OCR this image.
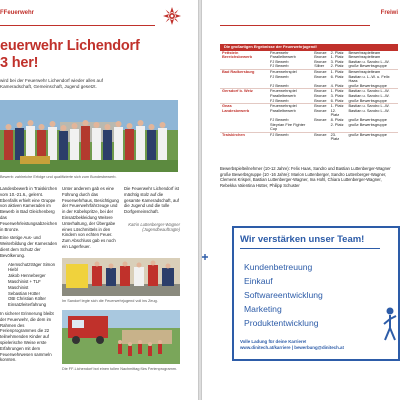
FFeuerwehr
euerwehr Lichendorf
3 her!
wird bei der Feuerwehr Lichendorf wieder alles auf Kameradschaft, Gemeinschaft, Jugend gesetzt.
Bewerb: zahlreiche Erfolge und qualifizierte sich zum Bundesbewerb.

Landesbewerb in Traiskirchen vom 10.-21.6., gelernt. Ebenfalls erhielt eine Gruppe von aktiven Kameraden im Bewerb in Bad Gleichenberg das Feuerwehrleistungsabzeichen in Bronze.

Eine stetige Aus- und Weiterbildung der Kameraden dient dem Schutz der Bevölkerung.

• Atemschutzträger Simon Hiebl
• Jakob Henneberger
• Maschinist + TLF Maschinist
• Sebastian Hütter
• OBI Christian Költer Einsatzleiterfahrung

In sicherer Erinnerung bleibt der Feuerwehr, die dem im Rahmen des Ferienprogrammes die 22 teilnehmenden Kinder auf spielerische Weise erste Erfahrungen mit dem Feuerwehrwesen sammeln konnten.

Unter anderem gab es eine Führung durch das Feuerwehrhaus, Besichtigung der Feuerwehrfahrzeuge und in der Kübelspritze, bei der Einsatzbekleidung Weitere Unterhaltung, der Übergabe eines Löschmittels in den Kindern von echten Feuer. Zum Abschluss gab es noch ein Lagerfeuer.

Die Feuerwehr Lichendorf ist mächtig stolz auf die gesamte Kameradschaft, auf die Jugend und die tolle Dorfgemeinschaft.

Katrin Luttenberger-Wagner (Jugendbeauftragte)
Im Sandorf legte sich die Feuerwehrjugend voll ins Zeug.
Die FF-Lichendorf bot einen tollen Nachmittag fürs Ferienprogramm.
Freiwi
Die großartigen Ergebnisse der Feuerwehrjugend!				
Pettstein	Feuerwehr	Bronze	2. Platz	Bewerbsspielteam
Bereichsbewerb	Parallelbewerb	Bronze	1. Platz	Bewerbsspielteam
	FJ Bewerb	Bronze	3. Platz	Bastian u. Sandro L.-W.
	FJ Bewerb	Silber	2. Platz	große Bewerbsgruppe
Bad Radkersburg	Feuerwehrspiel	Bronze	1. Platz	Bewerbsspielteam
	FJ Bewerb	Bronze	6. Platz	Bastian u. L.-W. u. Felix Haas
	FJ Bewerb	Bronze	4. Platz	große Bewerbsgruppe
Gersdorf b. Weiz	Feuerwehrspiel	Bronze	1. Platz	Bastian u. Sandro L.-W.
	Parallelbewerb	Bronze	3. Platz	Bastian u. Sandro L.-W.
	FJ Bewerb	Bronze	6. Platz	große Bewerbsgruppe
Gnas	Feuerwehrspiel	Bronze	1. Platz	Bastian u. Sandro L.-W.
Landesbewerb	Parallelbewerb	Bronze	12. Platz	Bastian u. Sandro L.-W.
	FJ Bewerb	Bronze	8. Platz	große Bewerbsgruppe
	Steyrian Fire Fighter Cup		2. Platz	große Bewerbsgruppe
Traiskirchen	FJ Bewerb	Bronze	23. Platz	große Bewerbsgruppe
Bewerbspielteilnehmer (10-12 Jahre): Felix Haas, Sandro und Bastian Luttenberger-Wagner große Bewerbsgruppe (10 -16 Jahre): Marion Luttenberger, Sandro Luttenberger-Wagner, Clemens Krispel, Bastian Luttenberger-Wagner, Ina Hohl, Chiara Luttenberger-Wagner, Rebekka Valentina Hütter, Philipp Schuster
Wir verstärken unser Team!
Kundenbetreuung
Einkauf
Softwareentwicklung
Marketing
Produktentwicklung
Volle Ladung für deine Karriere!
www.dinitech.at/karriere | bewerbung@dinitech.at
